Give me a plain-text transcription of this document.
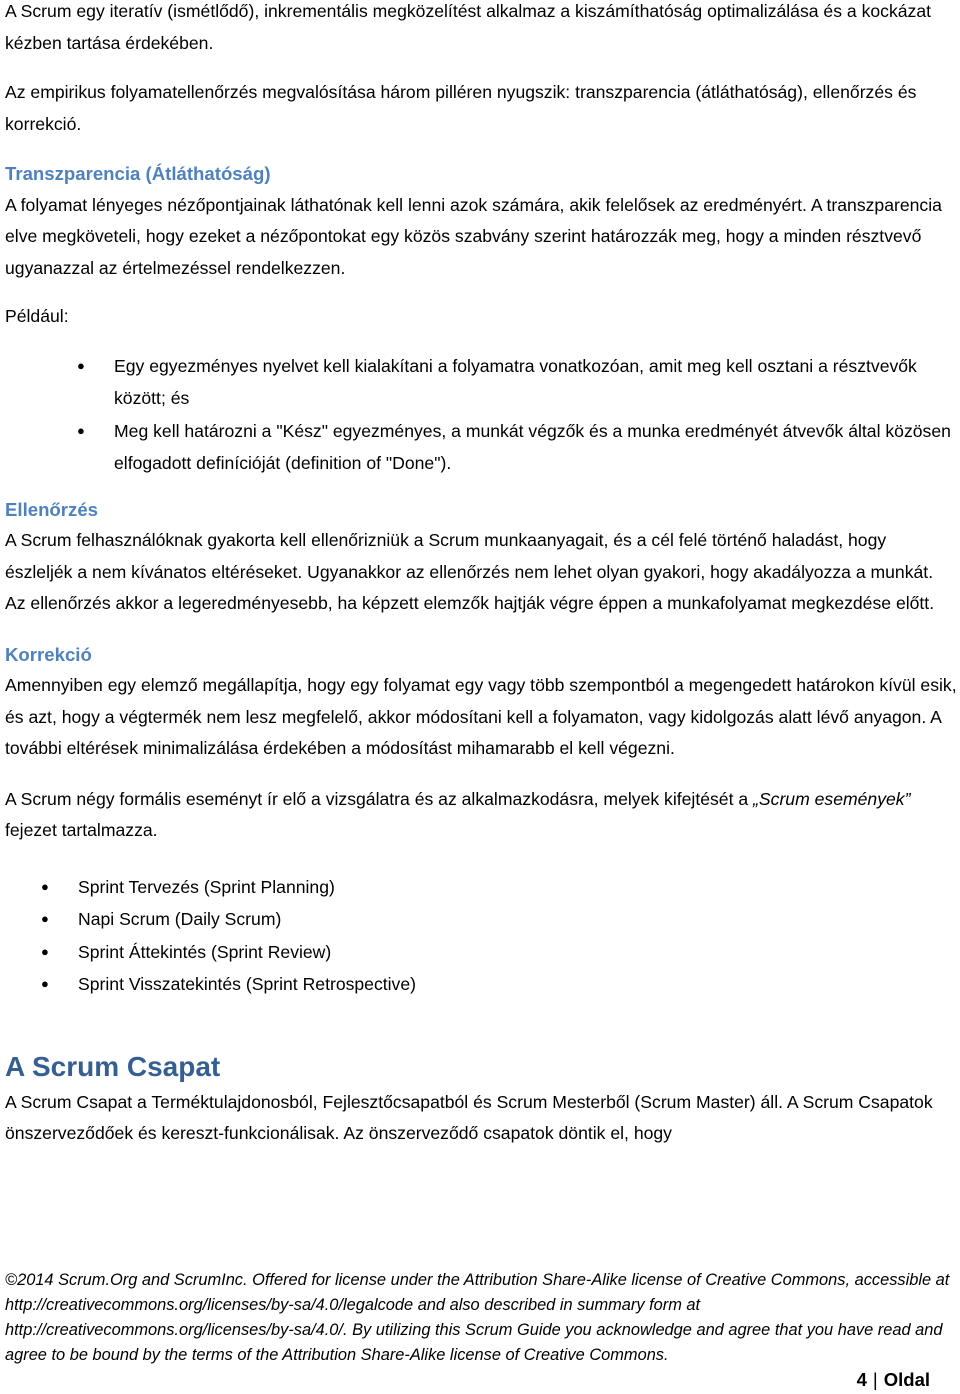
A Scrum egy iteratív (ismétlődő), inkrementális megközelítést alkalmaz a kiszámíthatóság optimalizálása és a kockázat kézben tartása érdekében.

Az empirikus folyamatellenőrzés megvalósítása három pilléren nyugszik: transzparencia (átláthatóság), ellenőrzés és korrekció.

Transzparencia (Átláthatóság)

A folyamat lényeges nézőpontjainak láthatónak kell lenni azok számára, akik felelősek az eredményért. A transzparencia elve megköveteli, hogy ezeket a nézőpontokat egy közös szabvány szerint határozzák meg, hogy a minden résztvevő ugyanazzal az értelmezéssel rendelkezzen.

Például:

● Egy egyezményes nyelvet kell kialakítani a folyamatra vonatkozóan, amit meg kell osztani a résztvevők között; és
● Meg kell határozni a "Kész" egyezményes, a munkát végzők és a munka eredményét átvevők által közösen elfogadott definícióját (definition of "Done").
Ellenőrzés

A Scrum felhasználóknak gyakorta kell ellenőrizniük a Scrum munkaanyagait, és a cél felé történő haladást, hogy észleljék a nem kívánatos eltéréseket. Ugyanakkor az ellenőrzés nem lehet olyan gyakori, hogy akadályozza a munkát. Az ellenőrzés akkor a legeredményesebb, ha képzett elemzők hajtják végre éppen a munkafolyamat megkezdése előtt.

Korrekció

Amennyiben egy elemző megállapítja, hogy egy folyamat egy vagy több szempontból a megengedett határokon kívül esik, és azt, hogy a végtermék nem lesz megfelelő, akkor módosítani kell a folyamaton, vagy kidolgozás alatt lévő anyagon. A további eltérések minimalizálása érdekében a módosítást mihamarabb el kell végezni.

A Scrum négy formális eseményt ír elő a vizsgálatra és az alkalmazkodásra, melyek kifejtését a „Scrum események” fejezet tartalmazza.

● Sprint Tervezés (Sprint Planning)
● Napi Scrum (Daily Scrum)
● Sprint Áttekintés (Sprint Review)
● Sprint Visszatekintés (Sprint Retrospective)
A Scrum Csapat

A Scrum Csapat a Terméktulajdonosból, Fejlesztőcsapatból és Scrum Mesterből (Scrum Master) áll. A Scrum Csapatok önszerveződőek és kereszt-funkcionálisak. Az önszerveződő csapatok döntik el, hogy

©2014 Scrum.Org and ScrumInc. Offered for license under the Attribution Share-Alike license of Creative Commons, accessible at http://creativecommons.org/licenses/by-sa/4.0/legalcode and also described in summary form at http://creativecommons.org/licenses/by-sa/4.0/. By utilizing this Scrum Guide you acknowledge and agree that you have read and agree to be bound by the terms of the Attribution Share-Alike license of Creative Commons.

4 | Oldal
